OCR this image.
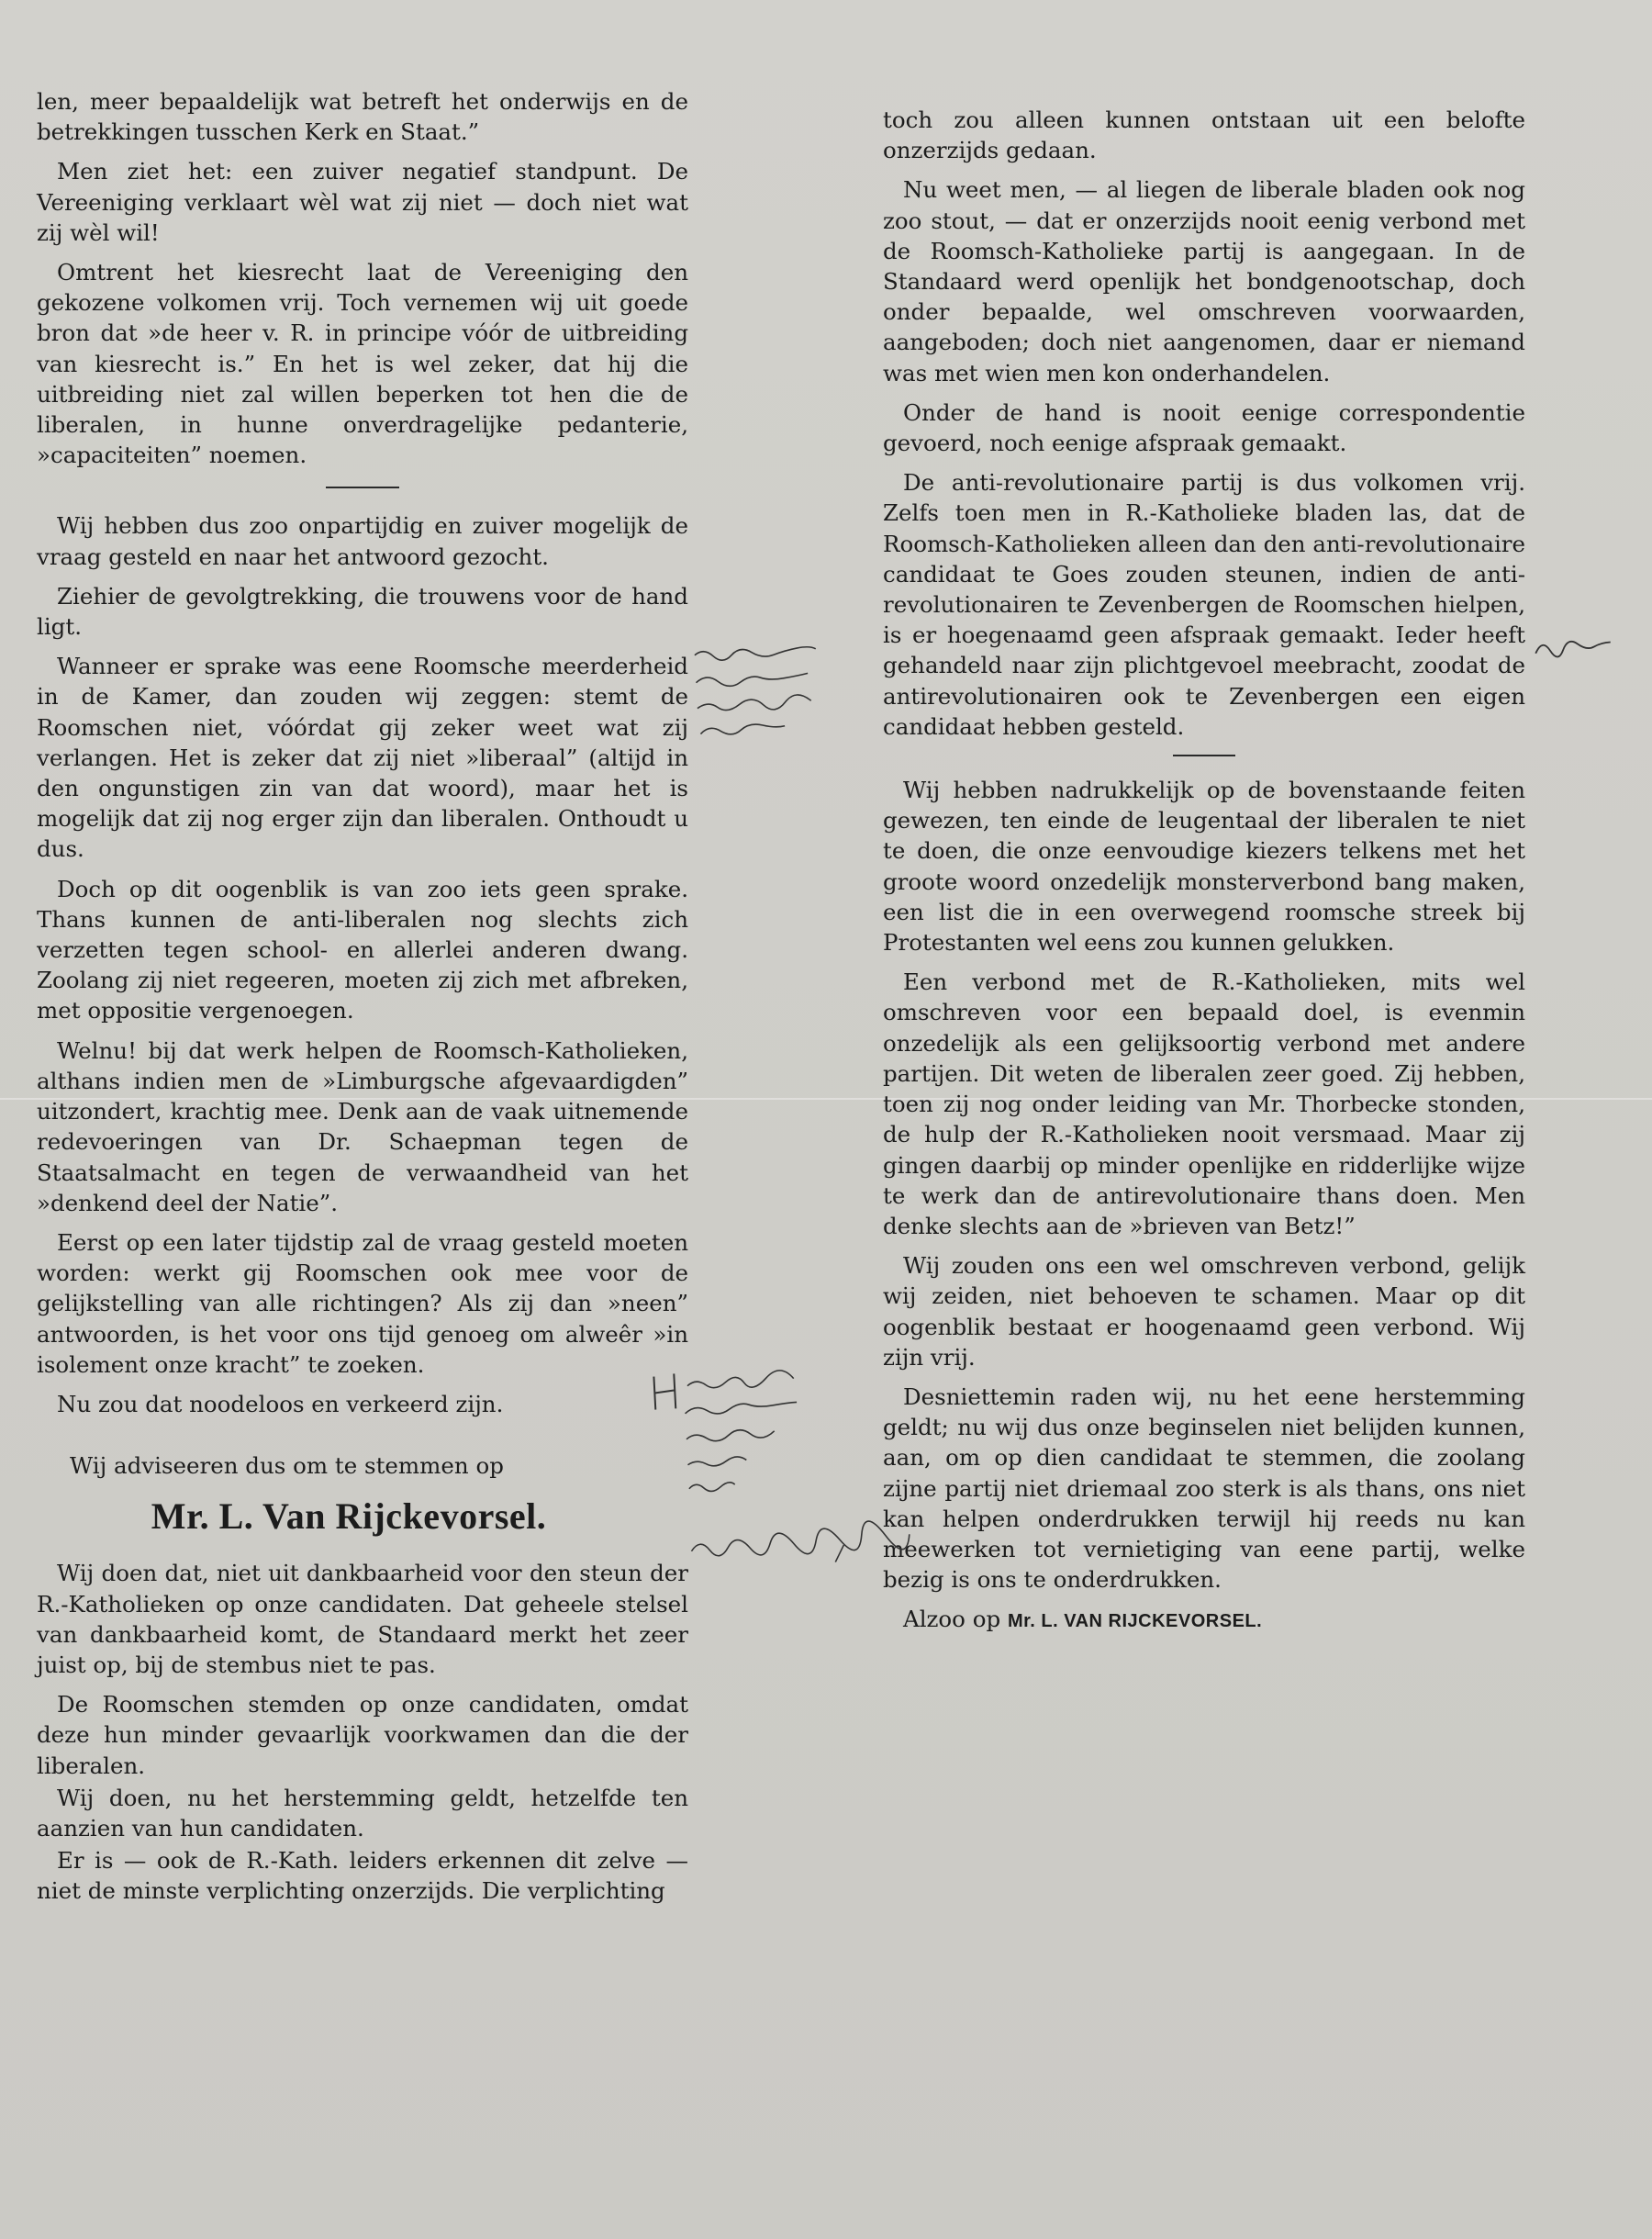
len, meer bepaaldelijk wat betreft het onderwijs en de betrekkingen tusschen Kerk en Staat.”

Men ziet het: een zuiver negatief standpunt. De Vereeniging verklaart wèl wat zij niet — doch niet wat zij wèl wil!

Omtrent het kiesrecht laat de Vereeniging den gekozene volkomen vrij. Toch vernemen wij uit goede bron dat »de heer v. R. in principe vóór de uitbreiding van kiesrecht is.” En het is wel zeker, dat hij die uitbreiding niet zal willen beperken tot hen die de liberalen, in hunne onverdragelijke pedanterie, »capaciteiten” noemen.

Wij hebben dus zoo onpartijdig en zuiver mogelijk de vraag gesteld en naar het antwoord gezocht.

Ziehier de gevolgtrekking, die trouwens voor de hand ligt.

Wanneer er sprake was eene Roomsche meerderheid in de Kamer, dan zouden wij zeggen: stemt de Roomschen niet, vóórdat gij zeker weet wat zij verlangen. Het is zeker dat zij niet »liberaal” (altijd in den ongunstigen zin van dat woord), maar het is mogelijk dat zij nog erger zijn dan liberalen. Onthoudt u dus.

Doch op dit oogenblik is van zoo iets geen sprake. Thans kunnen de anti-liberalen nog slechts zich verzetten tegen school- en allerlei anderen dwang. Zoolang zij niet regeeren, moeten zij zich met afbreken, met oppositie vergenoegen.

Welnu! bij dat werk helpen de Roomsch-Katholieken, althans indien men de »Limburgsche afgevaardigden” uitzondert, krachtig mee. Denk aan de vaak uitnemende redevoeringen van Dr. Schaepman tegen de Staatsalmacht en tegen de verwaandheid van het »denkend deel der Natie”.

Eerst op een later tijdstip zal de vraag gesteld moeten worden: werkt gij Roomschen ook mee voor de gelijkstelling van alle richtingen? Als zij dan »neen” antwoorden, is het voor ons tijd genoeg om alweêr »in isolement onze kracht” te zoeken.

Nu zou dat noodeloos en verkeerd zijn.

Wij adviseeren dus om te stemmen op

Mr. L. Van Rijckevorsel.

Wij doen dat, niet uit dankbaarheid voor den steun der R.-Katholieken op onze candidaten. Dat geheele stelsel van dankbaarheid komt, de Standaard merkt het zeer juist op, bij de stembus niet te pas.

De Roomschen stemden op onze candidaten, omdat deze hun minder gevaarlijk voorkwamen dan die der liberalen.

Wij doen, nu het herstemming geldt, hetzelfde ten aanzien van hun candidaten.

Er is — ook de R.-Kath. leiders erkennen dit zelve — niet de minste verplichting onzerzijds. Die verplichting

toch zou alleen kunnen ontstaan uit een belofte onzerzijds gedaan.

Nu weet men, — al liegen de liberale bladen ook nog zoo stout, — dat er onzerzijds nooit eenig verbond met de Roomsch-Katholieke partij is aangegaan. In de Standaard werd openlijk het bondgenootschap, doch onder bepaalde, wel omschreven voorwaarden, aangeboden; doch niet aangenomen, daar er niemand was met wien men kon onderhandelen.

Onder de hand is nooit eenige correspondentie gevoerd, noch eenige afspraak gemaakt.

De anti-revolutionaire partij is dus volkomen vrij. Zelfs toen men in R.-Katholieke bladen las, dat de Roomsch-Katholieken alleen dan den anti-revolutionaire candidaat te Goes zouden steunen, indien de anti-revolutionairen te Zevenbergen de Roomschen hielpen, is er hoegenaamd geen afspraak gemaakt. Ieder heeft gehandeld naar zijn plichtgevoel meebracht, zoodat de antirevolutionairen ook te Zevenbergen een eigen candidaat hebben gesteld.

Wij hebben nadrukkelijk op de bovenstaande feiten gewezen, ten einde de leugentaal der liberalen te niet te doen, die onze eenvoudige kiezers telkens met het groote woord onzedelijk monsterverbond bang maken, een list die in een overwegend roomsche streek bij Protestanten wel eens zou kunnen gelukken.

Een verbond met de R.-Katholieken, mits wel omschreven voor een bepaald doel, is evenmin onzedelijk als een gelijksoortig verbond met andere partijen. Dit weten de liberalen zeer goed. Zij hebben, toen zij nog onder leiding van Mr. Thorbecke stonden, de hulp der R.-Katholieken nooit versmaad. Maar zij gingen daarbij op minder openlijke en ridderlijke wijze te werk dan de antirevolutionaire thans doen. Men denke slechts aan de »brieven van Betz!”

Wij zouden ons een wel omschreven verbond, gelijk wij zeiden, niet behoeven te schamen. Maar op dit oogenblik bestaat er hoogenaamd geen verbond. Wij zijn vrij.

Desniettemin raden wij, nu het eene herstemming geldt; nu wij dus onze beginselen niet belijden kunnen, aan, om op dien candidaat te stemmen, die zoolang zijne partij niet driemaal zoo sterk is als thans, ons niet kan helpen onderdrukken terwijl hij reeds nu kan meewerken tot vernietiging van eene partij, welke bezig is ons te onderdrukken.

Alzoo op Mr. L. VAN RIJCKEVORSEL.
